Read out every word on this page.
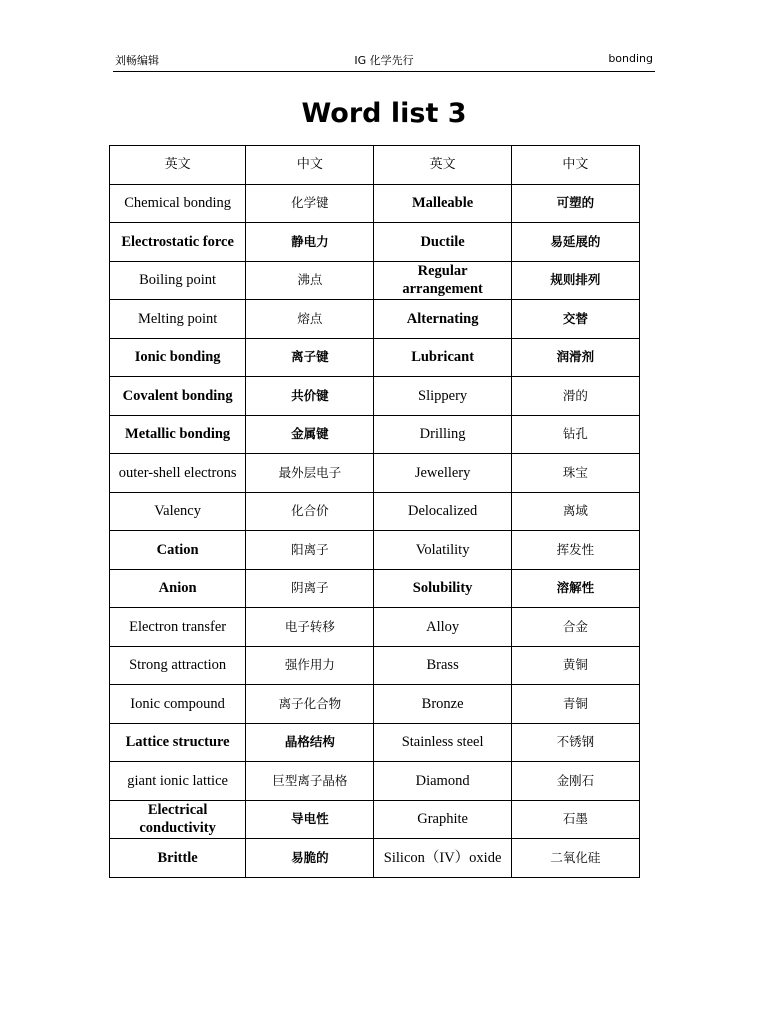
刘畅编辑	IG 化学先行	bonding
Word list 3
英文	中文	英文	中文
Chemical bonding	化学键	Malleable	可塑的
Electrostatic force	静电力	Ductile	易延展的
Boiling point	沸点	Regular arrangement	规则排列
Melting point	熔点	Alternating	交替
Ionic bonding	离子键	Lubricant	润滑剂
Covalent bonding	共价键	Slippery	滑的
Metallic bonding	金属键	Drilling	钻孔
outer-shell electrons	最外层电子	Jewellery	珠宝
Valency	化合价	Delocalized	离域
Cation	阳离子	Volatility	挥发性
Anion	阴离子	Solubility	溶解性
Electron transfer	电子转移	Alloy	合金
Strong attraction	强作用力	Brass	黄铜
Ionic compound	离子化合物	Bronze	青铜
Lattice structure	晶格结构	Stainless steel	不锈钢
giant ionic lattice	巨型离子晶格	Diamond	金刚石
Electrical conductivity	导电性	Graphite	石墨
Brittle	易脆的	Silicon（IV）oxide	二氧化硅
